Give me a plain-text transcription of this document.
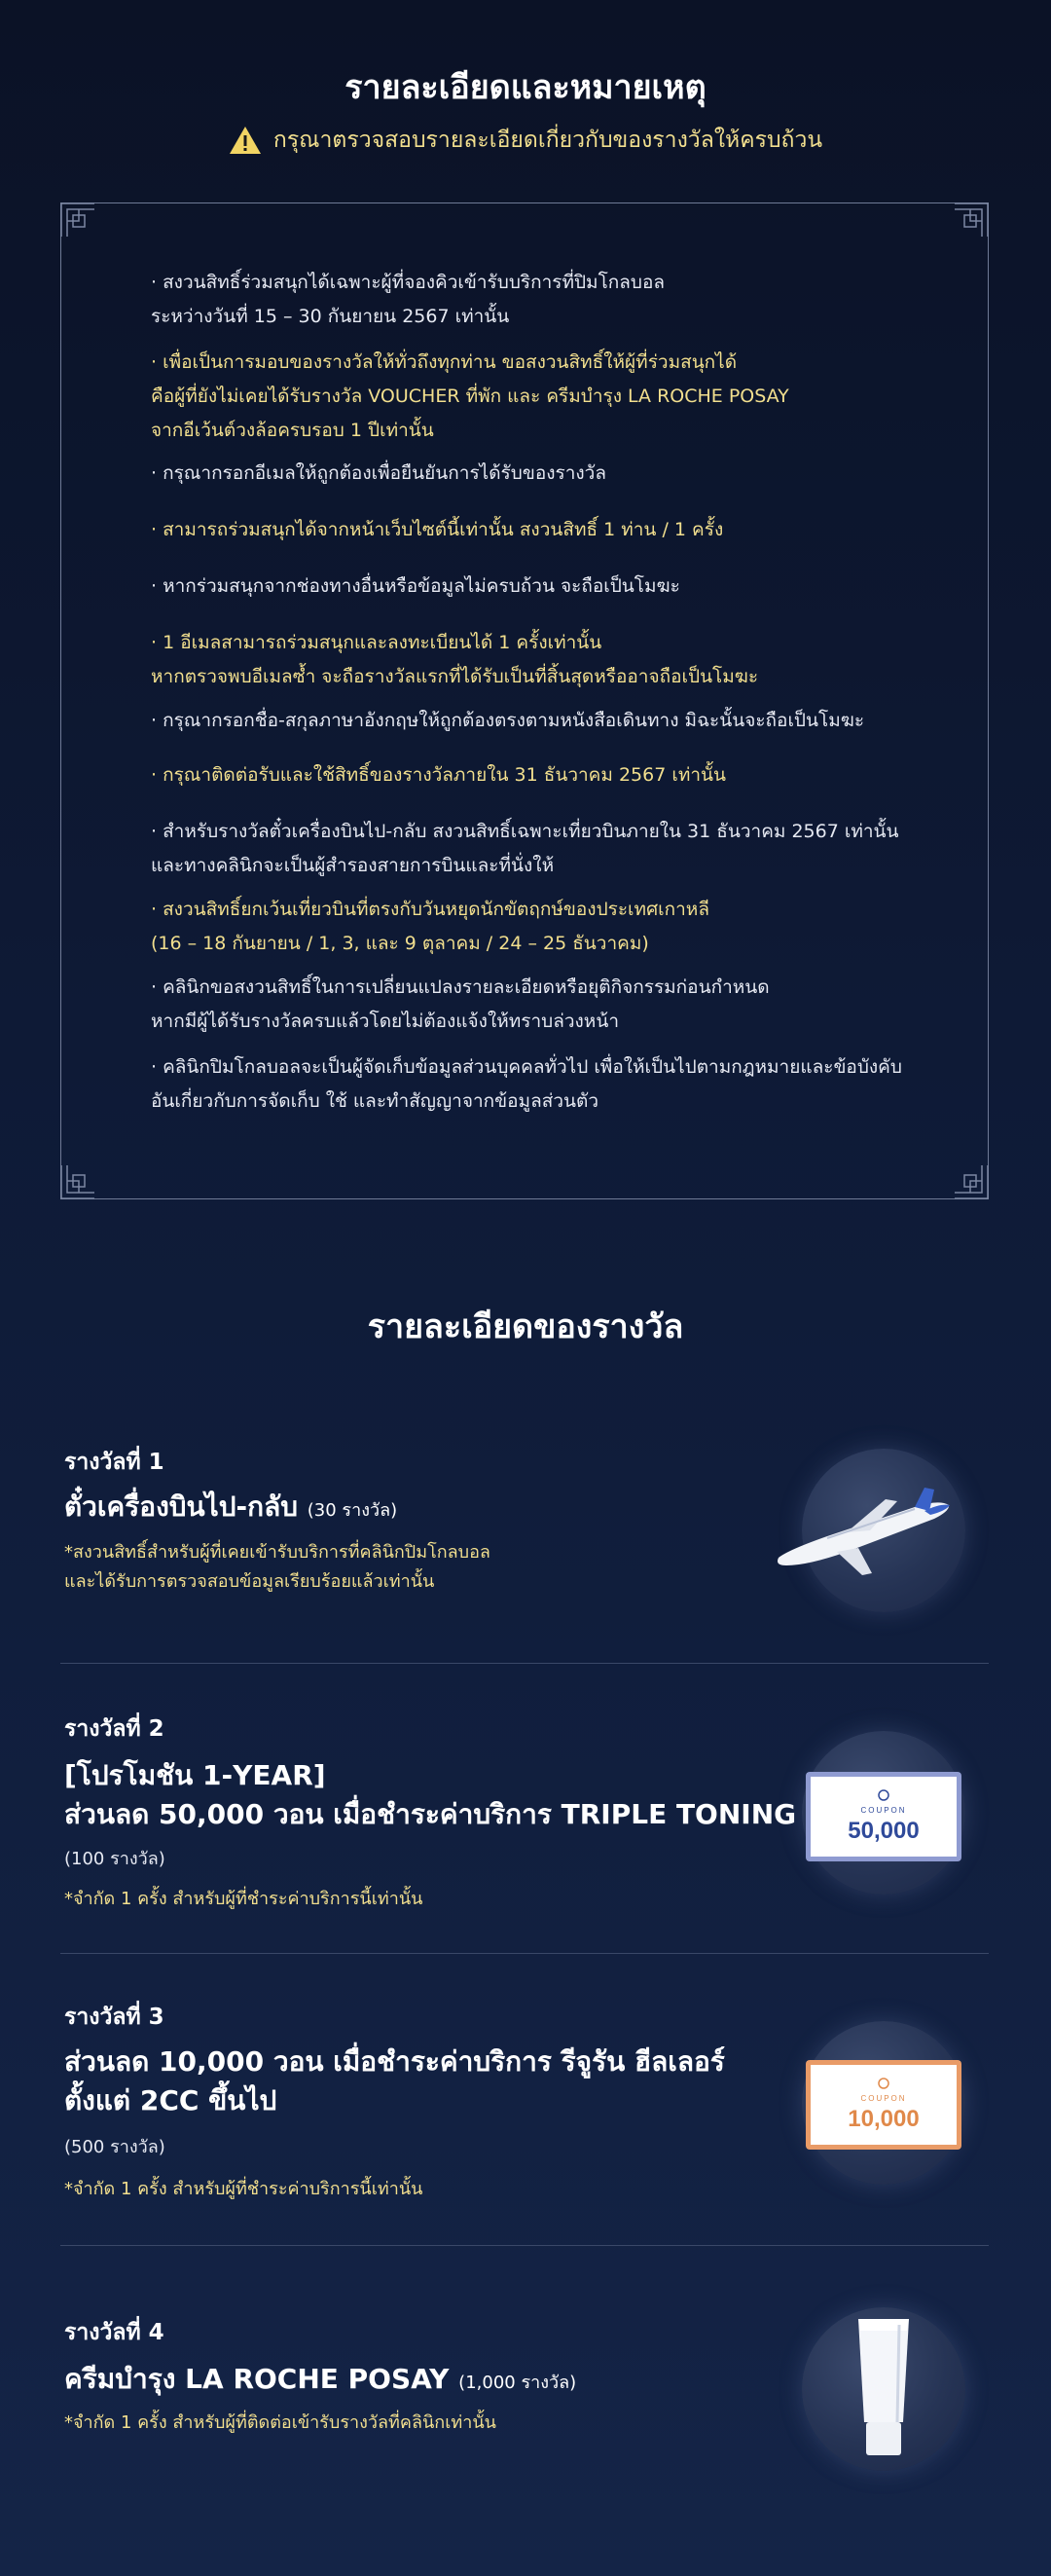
รายละเอียดและหมายเหตุ
กรุณาตรวจสอบรายละเอียดเกี่ยวกับของรางวัลให้ครบถ้วน
· สงวนสิทธิ์ร่วมสนุกได้เฉพาะผู้ที่จองคิวเข้ารับบริการที่ปิมโกลบอล
ระหว่างวันที่ 15 – 30 กันยายน 2567 เท่านั้น
· เพื่อเป็นการมอบของรางวัลให้ทั่วถึงทุกท่าน ขอสงวนสิทธิ์ให้ผู้ที่ร่วมสนุกได้
คือผู้ที่ยังไม่เคยได้รับรางวัล VOUCHER ที่พัก และ ครีมบำรุง LA ROCHE POSAY
จากอีเว้นต์วงล้อครบรอบ 1 ปีเท่านั้น
· กรุณากรอกอีเมลให้ถูกต้องเพื่อยืนยันการได้รับของรางวัล
· สามารถร่วมสนุกได้จากหน้าเว็บไซต์นี้เท่านั้น สงวนสิทธิ์ 1 ท่าน / 1 ครั้ง
· หากร่วมสนุกจากช่องทางอื่นหรือข้อมูลไม่ครบถ้วน จะถือเป็นโมฆะ
· 1 อีเมลสามารถร่วมสนุกและลงทะเบียนได้ 1 ครั้งเท่านั้น
หากตรวจพบอีเมลซ้ำ จะถือรางวัลแรกที่ได้รับเป็นที่สิ้นสุดหรืออาจถือเป็นโมฆะ
· กรุณากรอกชื่อ-สกุลภาษาอังกฤษให้ถูกต้องตรงตามหนังสือเดินทาง มิฉะนั้นจะถือเป็นโมฆะ
· กรุณาติดต่อรับและใช้สิทธิ์ของรางวัลภายใน 31 ธันวาคม 2567 เท่านั้น
· สำหรับรางวัลตั๋วเครื่องบินไป-กลับ สงวนสิทธิ์เฉพาะเที่ยวบินภายใน 31 ธันวาคม 2567 เท่านั้น
และทางคลินิกจะเป็นผู้สำรองสายการบินและที่นั่งให้
· สงวนสิทธิ์ยกเว้นเที่ยวบินที่ตรงกับวันหยุดนักขัตฤกษ์ของประเทศเกาหลี
(16 – 18 กันยายน / 1, 3, และ 9 ตุลาคม / 24 – 25 ธันวาคม)
· คลินิกขอสงวนสิทธิ์ในการเปลี่ยนแปลงรายละเอียดหรือยุติกิจกรรมก่อนกำหนด
หากมีผู้ได้รับรางวัลครบแล้วโดยไม่ต้องแจ้งให้ทราบล่วงหน้า
· คลินิกปิมโกลบอลจะเป็นผู้จัดเก็บข้อมูลส่วนบุคคลทั่วไป เพื่อให้เป็นไปตามกฎหมายและข้อบังคับ
อันเกี่ยวกับการจัดเก็บ ใช้ และทำสัญญาจากข้อมูลส่วนตัว
รายละเอียดของรางวัล
รางวัลที่ 1
ตั๋วเครื่องบินไป-กลับ (30 รางวัล)
*สงวนสิทธิ์สำหรับผู้ที่เคยเข้ารับบริการที่คลินิกปิมโกลบอล
และได้รับการตรวจสอบข้อมูลเรียบร้อยแล้วเท่านั้น
รางวัลที่ 2
[โปรโมชัน 1-YEAR]
ส่วนลด 50,000 วอน เมื่อชำระค่าบริการ TRIPLE TONING
(100 รางวัล)
*จำกัด 1 ครั้ง สำหรับผู้ที่ชำระค่าบริการนี้เท่านั้น
COUPON
50,000
รางวัลที่ 3
ส่วนลด 10,000 วอน เมื่อชำระค่าบริการ รีจูรัน ฮีลเลอร์
ตั้งแต่ 2CC ขึ้นไป
(500 รางวัล)
*จำกัด 1 ครั้ง สำหรับผู้ที่ชำระค่าบริการนี้เท่านั้น
COUPON
10,000
รางวัลที่ 4
ครีมบำรุง LA ROCHE POSAY (1,000 รางวัล)
*จำกัด 1 ครั้ง สำหรับผู้ที่ติดต่อเข้ารับรางวัลที่คลินิกเท่านั้น
